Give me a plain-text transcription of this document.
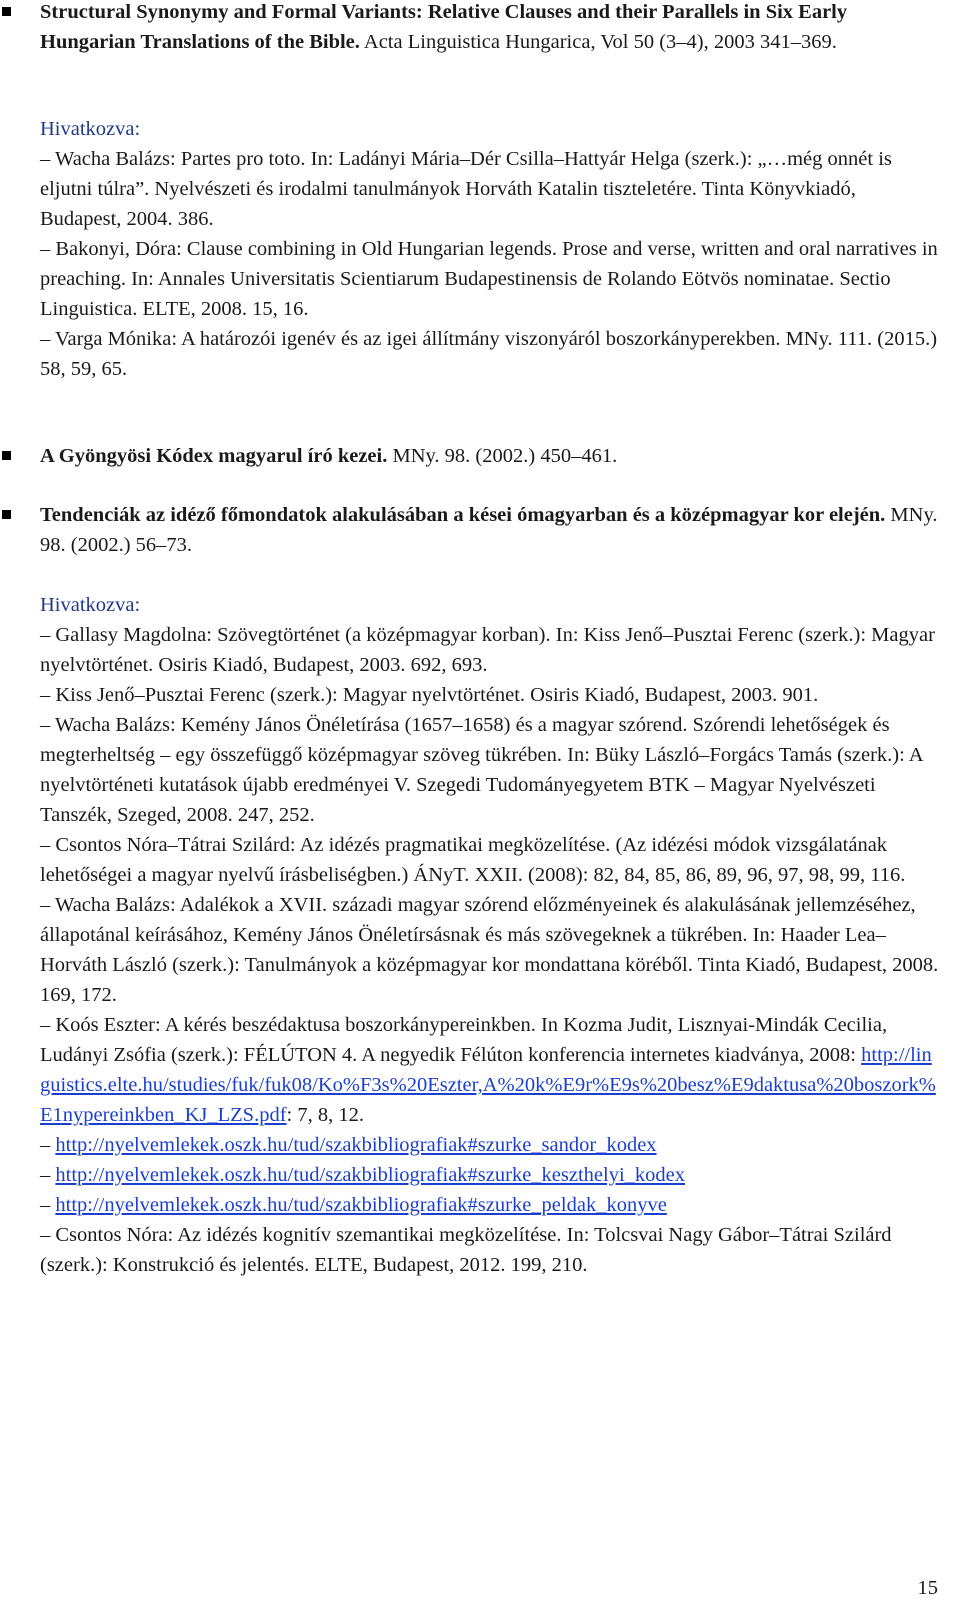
Structural Synonymy and Formal Variants: Relative Clauses and their Parallels in Six Early Hungarian Translations of the Bible. Acta Linguistica Hungarica, Vol 50 (3–4), 2003 341–369.
Hivatkozva:
– Wacha Balázs: Partes pro toto. In: Ladányi Mária–Dér Csilla–Hattyár Helga (szerk.): „…még onnét is eljutni túlra”. Nyelvészeti és irodalmi tanulmányok Horváth Katalin tiszteletére. Tinta Könyvkiadó, Budapest, 2004. 386.
– Bakonyi, Dóra: Clause combining in Old Hungarian legends. Prose and verse, written and oral narratives in preaching. In: Annales Universitatis Scientiarum Budapestinensis de Rolando Eötvös nominatae. Sectio Linguistica. ELTE, 2008. 15, 16.
– Varga Mónika: A határozói igenév és az igei állítmány viszonyáról boszorkányperekben. MNy. 111. (2015.) 58, 59, 65.
A Gyöngyösi Kódex magyarul író kezei. MNy. 98. (2002.) 450–461.
Tendenciák az idéző főmondatok alakulásában a kései ómagyarban és a középmagyar kor elején. MNy. 98. (2002.) 56–73.
Hivatkozva:
– Gallasy Magdolna: Szövegtörténet (a középmagyar korban). In: Kiss Jenő–Pusztai Ferenc (szerk.): Magyar nyelvtörténet. Osiris Kiadó, Budapest, 2003. 692, 693.
– Kiss Jenő–Pusztai Ferenc (szerk.): Magyar nyelvtörténet. Osiris Kiadó, Budapest, 2003. 901.
– Wacha Balázs: Kemény János Önéletírása (1657–1658) és a magyar szórend. Szórendi lehetőségek és megterheltség – egy összefüggő középmagyar szöveg tükrében. In: Büky László–Forgács Tamás (szerk.): A nyelvtörténeti kutatások újabb eredményei V. Szegedi Tudományegyetem BTK – Magyar Nyelvészeti Tanszék, Szeged, 2008. 247, 252.
– Csontos Nóra–Tátrai Szilárd: Az idézés pragmatikai megközelítése. (Az idézési módok vizsgálatának lehetőségei a magyar nyelvű írásbeliségben.) ÁNyT. XXII. (2008): 82, 84, 85, 86, 89, 96, 97, 98, 99, 116.
– Wacha Balázs: Adalékok a XVII. századi magyar szórend előzményeinek és alakulásának jellemzéséhez, állapotánal keírásához, Kemény János Önéletírsásnak és más szövegeknek a tükrében. In: Haader Lea–Horváth László (szerk.): Tanulmányok a középmagyar kor mondattana köréből. Tinta Kiadó, Budapest, 2008. 169, 172.
– Koós Eszter: A kérés beszédaktusa boszorkánypereinkben. In Kozma Judit, Lisznyai-Mindák Cecilia, Ludányi Zsófia (szerk.): FÉLÚTON 4. A negyedik Félúton konferencia internetes kiadványa, 2008: http://linguistics.elte.hu/studies/fuk/fuk08/Ko%F3s%20Eszter,A%20k%E9r%E9s%20besz%E9daktusa%20boszork%E1nypereinkben_KJ_LZS.pdf: 7, 8, 12.
– http://nyelvemlekek.oszk.hu/tud/szakbibliografiak#szurke_sandor_kodex
– http://nyelvemlekek.oszk.hu/tud/szakbibliografiak#szurke_keszthelyi_kodex
– http://nyelvemlekek.oszk.hu/tud/szakbibliografiak#szurke_peldak_konyve
– Csontos Nóra: Az idézés kognitív szemantikai megközelítése. In: Tolcsvai Nagy Gábor–Tátrai Szilárd (szerk.): Konstrukció és jelentés. ELTE, Budapest, 2012. 199, 210.
15
